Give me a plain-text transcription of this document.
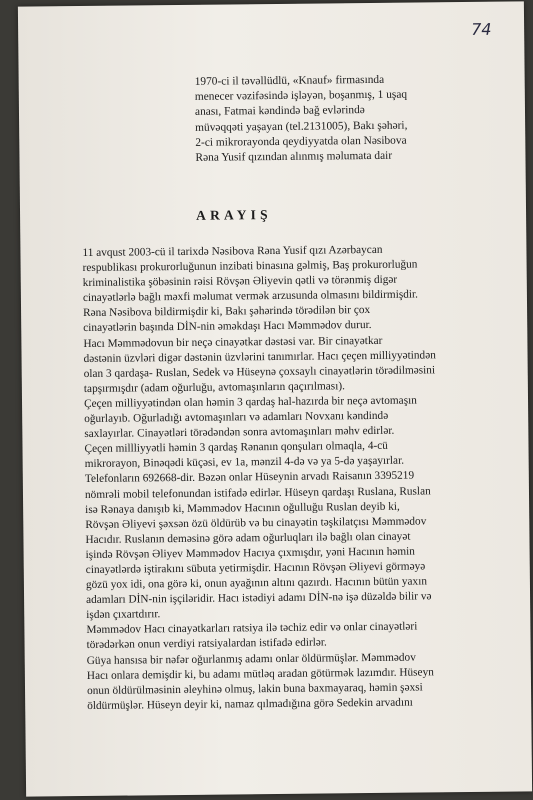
74
1970-ci il təvəllüdlü, «Knauf» firmasında
menecer vəzifəsində işləyən, boşanmış, 1 uşaq
anası, Fatmai kəndində bağ evlərində
müvəqqəti yaşayan (tel.2131005), Bakı şəhəri,
2-ci mikrorayonda qeydiyyatda olan Nəsibova
Rəna Yusif qızından alınmış məlumata dair
ARAYIŞ
11 avqust 2003-cü il tarixdə Nəsibova Rəna Yusif qızı Azərbaycan
respublikası prokurorluğunun inzibati binasına gəlmiş, Baş prokurorluğun
kriminalistika şöbəsinin rəisi Rövşən Əliyevin qətli və törənmiş digər
cinayətlərlə bağlı məxfi məlumat vermək arzusunda olmasını bildirmişdir.
Rəna Nəsibova bildirmişdir ki, Bakı şəhərində törədilən bir çox
cinayətlərin başında DİN-nin əməkdaşı Hacı Məmmədov durur.
Hacı Məmmədovun bir neçə cinayətkar dəstəsi var. Bir cinayətkar
dəstənin üzvləri digər dəstənin üzvlərini tanımırlar. Hacı çeçen milliyyətindən
olan 3 qardaşa- Ruslan, Sedek və Hüseynə çoxsaylı cinayətlərin törədilməsini
tapşırmışdır (adam oğurluğu, avtomaşınların qaçırılması).
Çeçen milliyyətindən olan həmin 3 qardaş hal-hazırda bir neçə avtomaşın
oğurlayıb. Oğurladığı avtomaşınları və adamları Novxanı kəndində
saxlayırlar. Cinayətləri törədəndən sonra avtomaşınları məhv edirlər.
Çeçen millliyyətli həmin 3 qardaş Rənanın qonşuları olmaqla, 4-cü
mikrorayon, Binəqədi küçəsi, ev 1a, mənzil 4-də və ya 5-də yaşayırlar.
Telefonların 692668-dir. Bəzən onlar Hüseynin arvadı Raisanın 3395219
nömrəli mobil telefonundan istifadə edirlər. Hüseyn qardaşı Ruslana, Ruslan
isə Rənaya danışıb ki, Məmmədov Hacının oğulluğu Ruslan deyib ki,
Rövşən Əliyevi şəxsən özü öldürüb və bu cinayətin təşkilatçısı Məmmədov
Hacıdır. Ruslanın deməsinə görə adam oğurluqları ilə bağlı olan cinayət
işində Rövşən Əliyev Məmmədov Hacıya çıxmışdır, yəni Hacının həmin
cinayətlərdə iştirakını sübuta yetirmişdir. Hacının Rövşən Əliyevi görməyə
gözü yox idi, ona görə ki, onun ayağının altını qazırdı. Hacının bütün yaxın
adamları DİN-nin işçiləridir. Hacı istədiyi adamı DİN-nə işə düzəldə bilir və
işdən çıxartdırır.
Məmmədov Hacı cinayətkarları ratsiya ilə təchiz edir və onlar cinayətləri
törədərkən onun verdiyi ratsiyalardan istifadə edirlər.
Güya hansısa bir nəfər oğurlanmış adamı onlar öldürmüşlər. Məmmədov
Hacı onlara demişdir ki, bu adamı mütləq aradan götürmək lazımdır. Hüseyn
onun öldürülməsinin əleyhinə olmuş, lakin buna baxmayaraq, həmin şəxsi
öldürmüşlər. Hüseyn deyir ki, namaz qılmadığına görə Sedekin arvadını
